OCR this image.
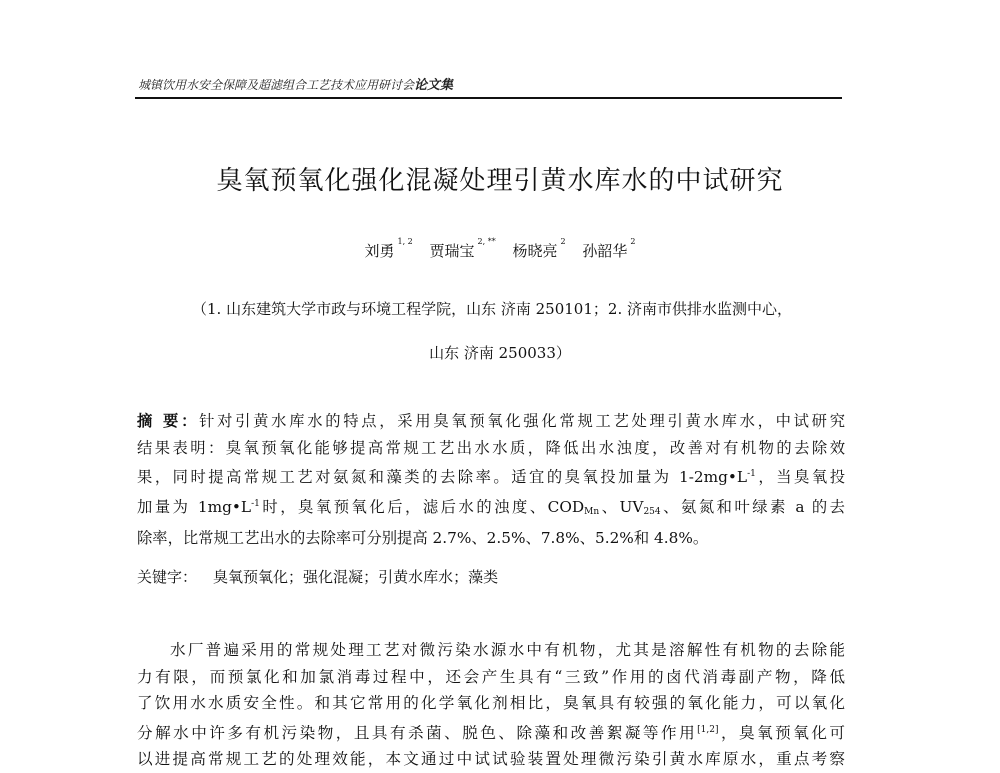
城镇饮用水安全保障及超滤组合工艺技术应用研讨会论文集
臭氧预氧化强化混凝处理引黄水库水的中试研究
刘勇$^{1, 2}$ 贾瑞宝$^{2, **}$ 杨晓亮$^2$ 孙韶华$^2$
（1. 山东建筑大学市政与环境工程学院，山东 济南 250101；2. 济南市供排水监测中心，
山东 济南 250033）
摘 要：针对引黄水库水的特点，采用臭氧预氧化强化常规工艺处理引黄水库水，中试研究
结果表明：臭氧预氧化能够提高常规工艺出水水质，降低出水浊度，改善对有机物的去除效
果，同时提高常规工艺对氨氮和藻类的去除率。适宜的臭氧投加量为 $1-2mg•L^{-1}$，当臭氧投
加量为 $1mg•L^{-1}$时，臭氧预氧化后，滤后水的浊度、$COD_{Mn}$、$UV_{254}$、氨氮和叶绿素 a 的去
除率，比常规工艺出水的去除率可分别提高 2.7%、2.5%、7.8%、5.2%和 4.8%。
关键字： 臭氧预氧化；强化混凝；引黄水库水；藻类
水厂普遍采用的常规处理工艺对微污染水源水中有机物，尤其是溶解性有机物的去除能
力有限，而预氯化和加氯消毒过程中，还会产生具有“三致”作用的卤代消毒副产物，降低
了饮用水水质安全性。和其它常用的化学氧化剂相比，臭氧具有较强的氧化能力，可以氧化
分解水中许多有机污染物，且具有杀菌、脱色、除藻和改善絮凝等作用[1,2]，臭氧预氧化可
以进提高常规工艺的处理效能，本文通过中试试验装置处理微污染引黄水库原水，重点考察
